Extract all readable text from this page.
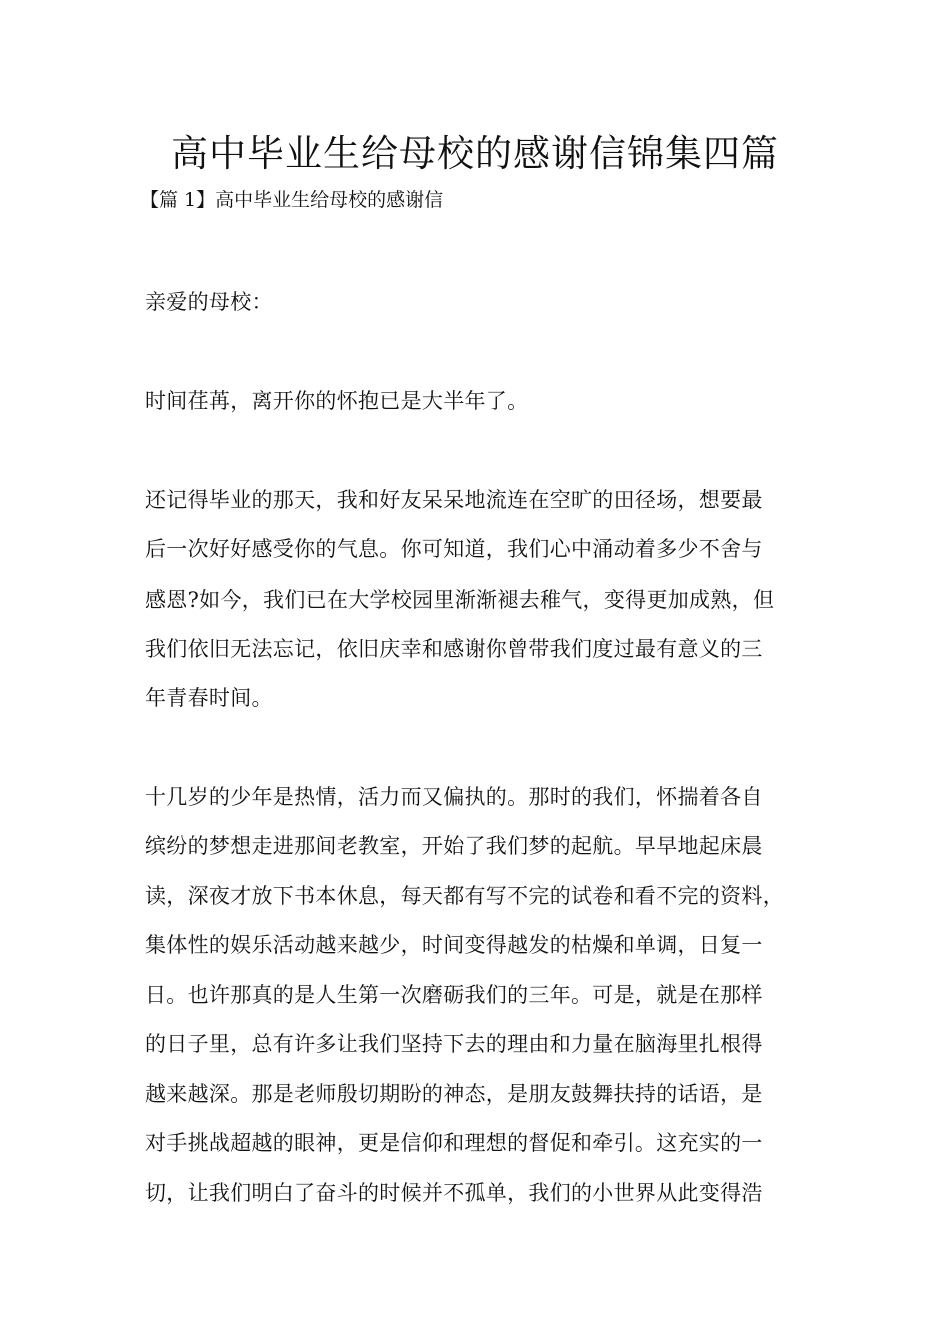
高中毕业生给母校的感谢信锦集四篇
【篇 1】高中毕业生给母校的感谢信
亲爱的母校：
时间荏苒，离开你的怀抱已是大半年了。
还记得毕业的那天，我和好友呆呆地流连在空旷的田径场，想要最
后一次好好感受你的气息。你可知道，我们心中涌动着多少不舍与
感恩?如今，我们已在大学校园里渐渐褪去稚气，变得更加成熟，但
我们依旧无法忘记，依旧庆幸和感谢你曾带我们度过最有意义的三
年青春时间。
十几岁的少年是热情，活力而又偏执的。那时的我们，怀揣着各自
缤纷的梦想走进那间老教室，开始了我们梦的起航。早早地起床晨
读，深夜才放下书本休息，每天都有写不完的试卷和看不完的资料，
集体性的娱乐活动越来越少，时间变得越发的枯燥和单调，日复一
日。也许那真的是人生第一次磨砺我们的三年。可是，就是在那样
的日子里，总有许多让我们坚持下去的理由和力量在脑海里扎根得
越来越深。那是老师殷切期盼的神态，是朋友鼓舞扶持的话语，是
对手挑战超越的眼神，更是信仰和理想的督促和牵引。这充实的一
切，让我们明白了奋斗的时候并不孤单，我们的小世界从此变得浩
